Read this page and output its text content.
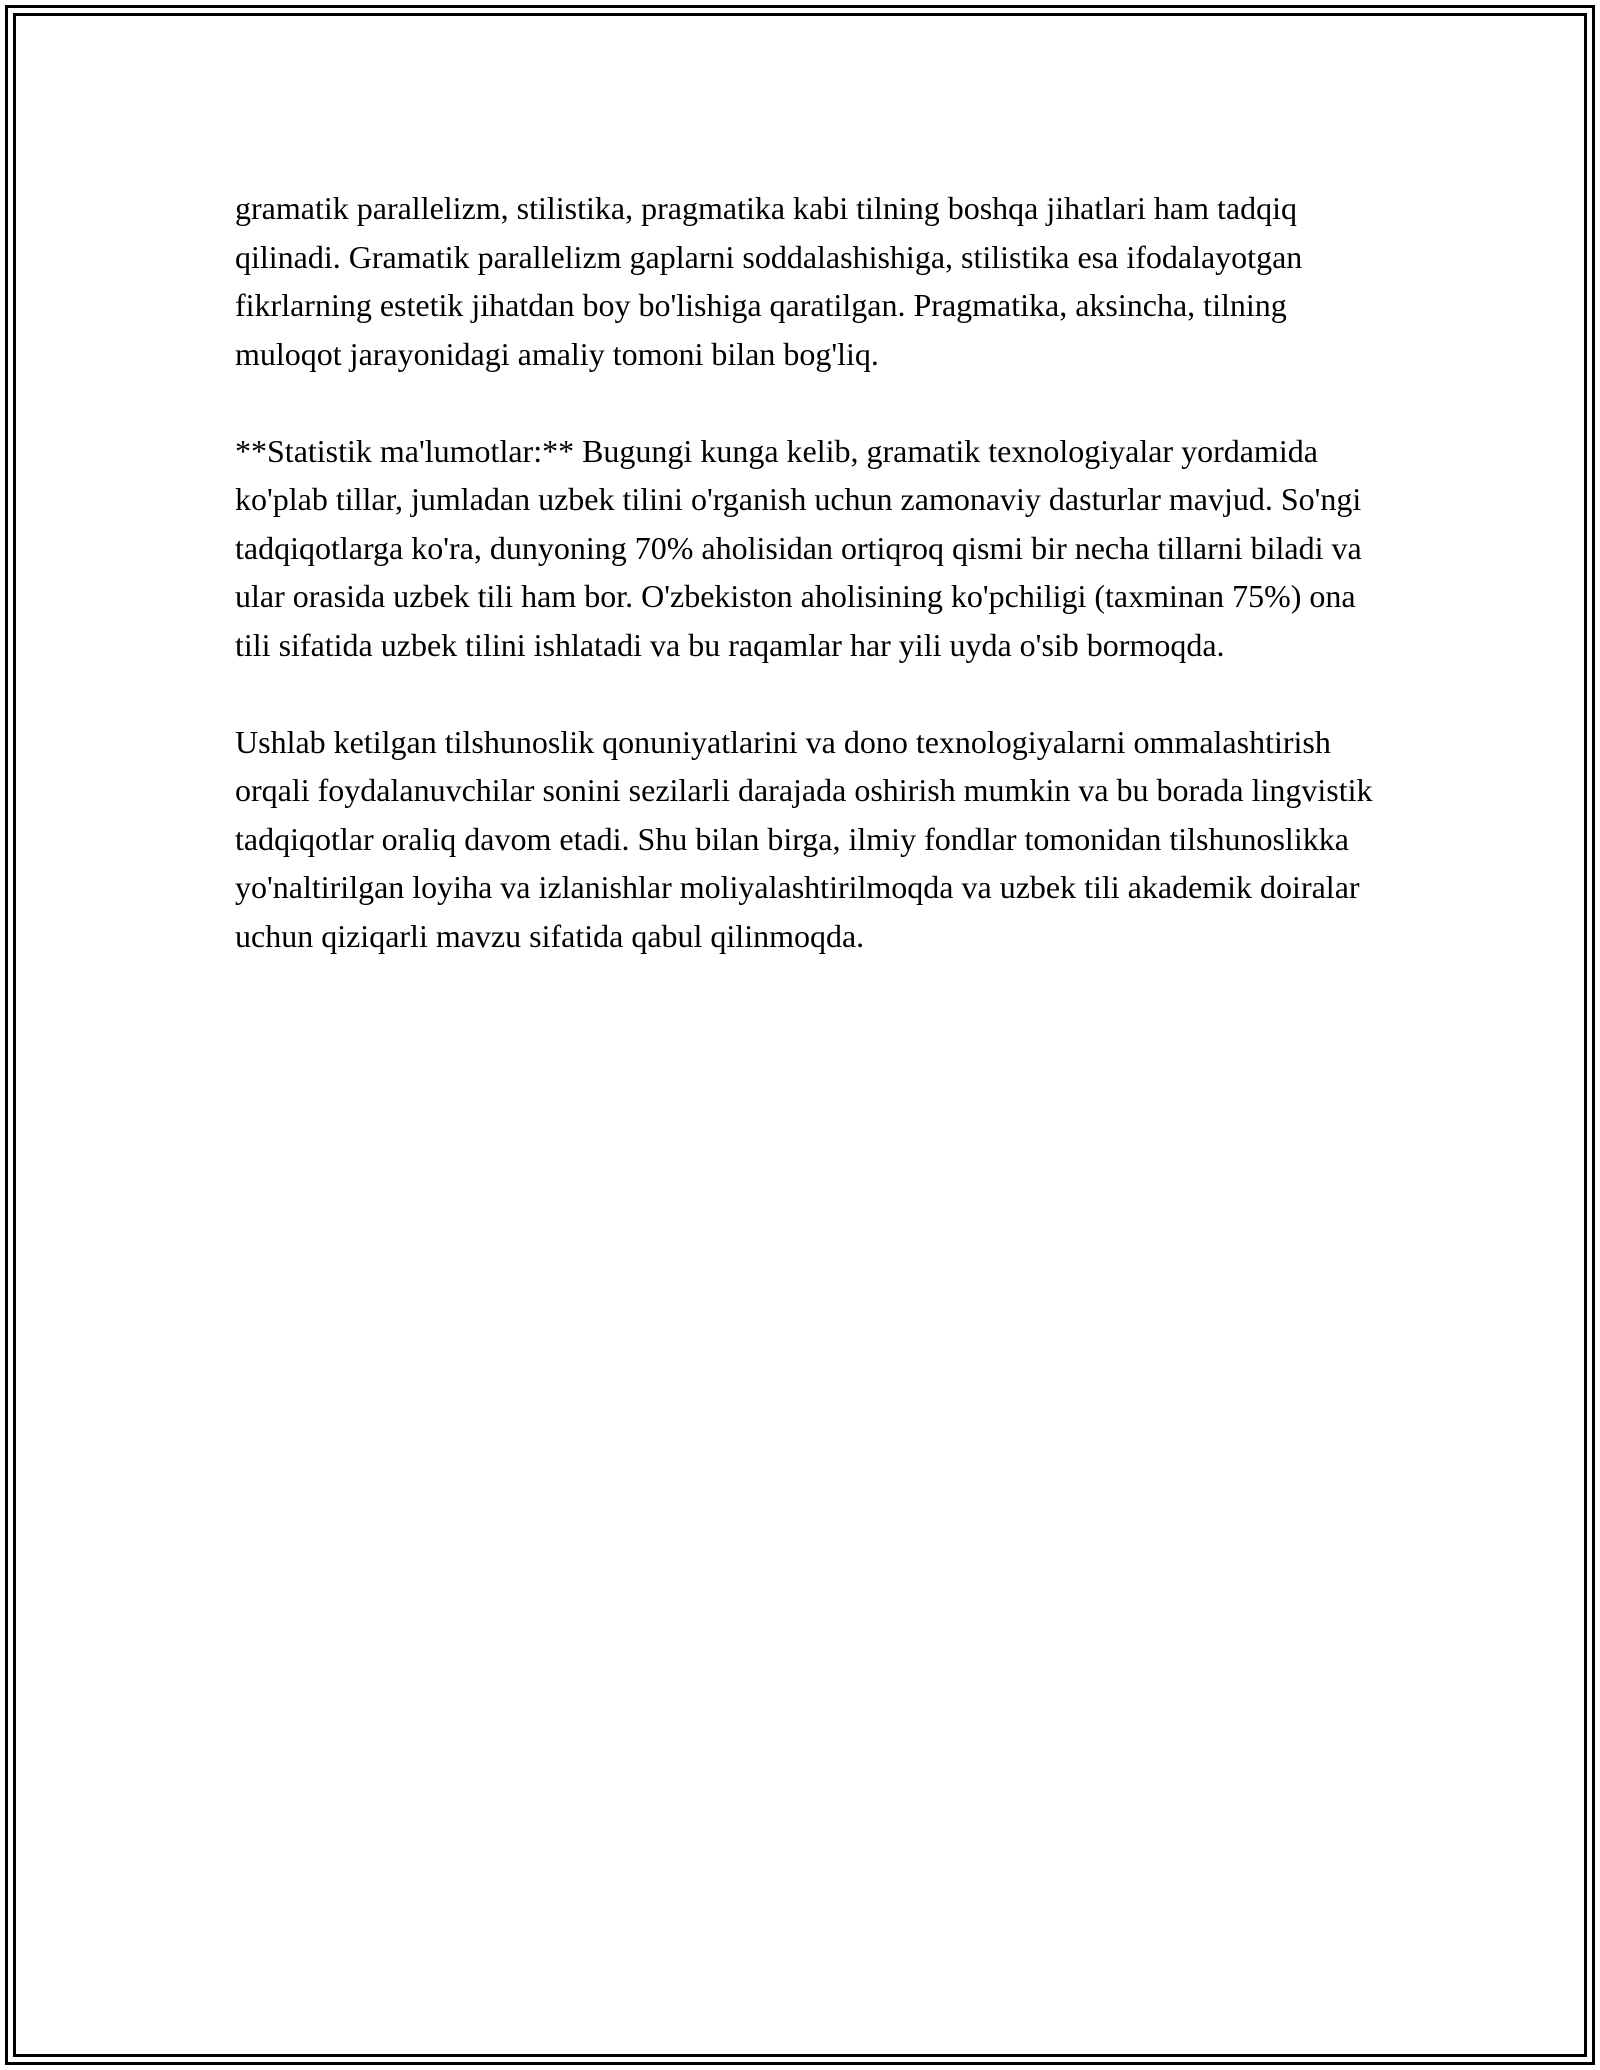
gramatik parallelizm, stilistika, pragmatika kabi tilning boshqa jihatlari ham tadqiq qilinadi. Gramatik parallelizm gaplarni soddalashishiga, stilistika esa ifodalayotgan fikrlarning estetik jihatdan boy bo'lishiga qaratilgan. Pragmatika, aksincha, tilning muloqot jarayonidagi amaliy tomoni bilan bog'liq.

**Statistik ma'lumotlar:** Bugungi kunga kelib, gramatik texnologiyalar yordamida ko'plab tillar, jumladan uzbek tilini o'rganish uchun zamonaviy dasturlar mavjud. So'ngi tadqiqotlarga ko'ra, dunyoning 70% aholisidan ortiqroq qismi bir necha tillarni biladi va ular orasida uzbek tili ham bor. O'zbekiston aholisining ko'pchiligi (taxminan 75%) ona tili sifatida uzbek tilini ishlatadi va bu raqamlar har yili uyda o'sib bormoqda.

Ushlab ketilgan tilshunoslik qonuniyatlarini va dono texnologiyalarni ommalashtirish orqali foydalanuvchilar sonini sezilarli darajada oshirish mumkin va bu borada lingvistik tadqiqotlar oraliq davom etadi. Shu bilan birga, ilmiy fondlar tomonidan tilshunoslikka yo'naltirilgan loyiha va izlanishlar moliyalashtirilmoqda va uzbek tili akademik doiralar uchun qiziqarli mavzu sifatida qabul qilinmoqda.
